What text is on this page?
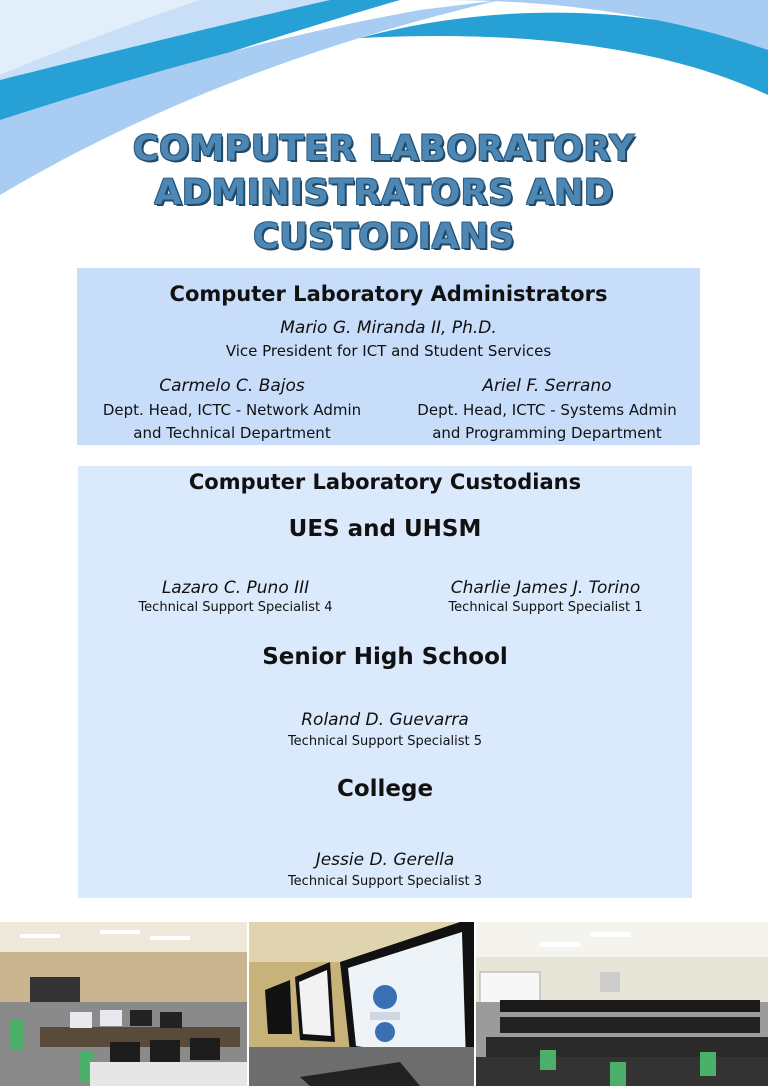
COMPUTER LABORATORY
ADMINISTRATORS AND
CUSTODIANS
Computer Laboratory Administrators
Mario G. Miranda II, Ph.D.
Vice President for ICT and Student Services
Carmelo C. Bajos
Dept. Head, ICTC - Network Admin
and Technical Department
Ariel F. Serrano
Dept. Head, ICTC - Systems Admin
and Programming Department
Computer Laboratory Custodians
UES and UHSM
Lazaro C. Puno III
Technical Support Specialist 4
Charlie James J. Torino
Technical Support Specialist 1
Senior High School
Roland D. Guevarra
Technical Support Specialist 5
College
Jessie D. Gerella
Technical Support Specialist 3
